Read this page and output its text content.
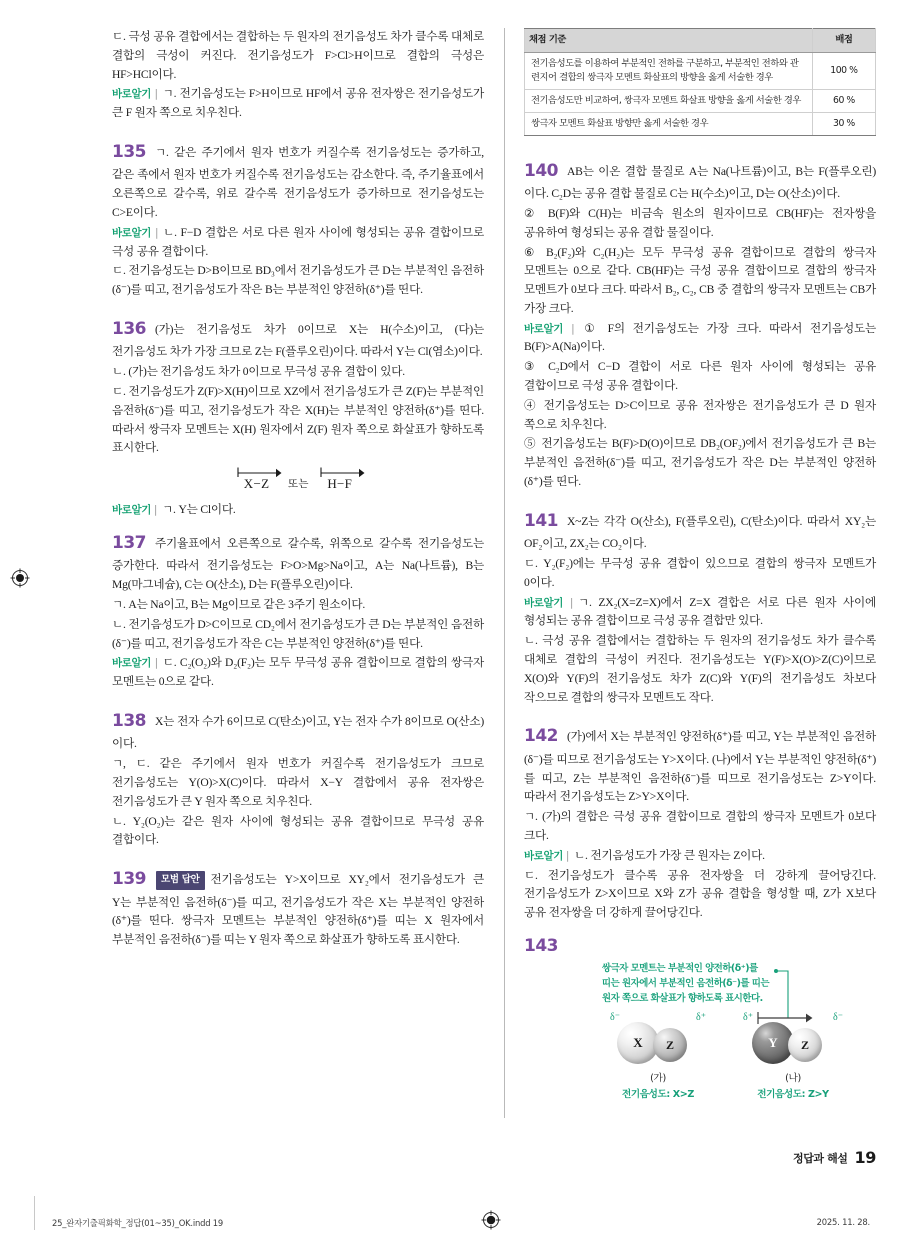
ㄷ. 극성 공유 결합에서는 결합하는 두 원자의 전기음성도 차가 클수록 대체로 결합의 극성이 커진다. 전기음성도가 F>Cl>H이므로 결합의 극성은 HF>HCl이다.

바로알기 | ㄱ. 전기음성도는 F>H이므로 HF에서 공유 전자쌍은 전기음성도가 큰 F 원자 쪽으로 치우친다.

135 ㄱ. 같은 주기에서 원자 번호가 커질수록 전기음성도는 증가하고, 같은 족에서 원자 번호가 커질수록 전기음성도는 감소한다. 즉, 주기율표에서 오른쪽으로 갈수록, 위로 갈수록 전기음성도가 증가하므로 전기음성도는 C>E이다.

바로알기 | ㄴ. F−D 결합은 서로 다른 원자 사이에 형성되는 공유 결합이므로 극성 공유 결합이다.

ㄷ. 전기음성도는 D>B이므로 BD₃에서 전기음성도가 큰 D는 부분적인 음전하(δ⁻)를 띠고, 전기음성도가 작은 B는 부분적인 양전하(δ⁺)를 띤다.

136 (가)는 전기음성도 차가 0이므로 X는 H(수소)이고, (다)는 전기음성도 차가 가장 크므로 Z는 F(플루오린)이다. 따라서 Y는 Cl(염소)이다.

ㄴ. (가)는 전기음성도 차가 0이므로 무극성 공유 결합이 있다.

ㄷ. 전기음성도가 Z(F)>X(H)이므로 XZ에서 전기음성도가 큰 Z(F)는 부분적인 음전하(δ⁻)를 띠고, 전기음성도가 작은 X(H)는 부분적인 양전하(δ⁺)를 띤다. 따라서 쌍극자 모멘트는 X(H) 원자에서 Z(F) 원자 쪽으로 화살표가 향하도록 표시한다.

X−Z 또는 H−F

바로알기 | ㄱ. Y는 Cl이다.

137 주기율표에서 오른쪽으로 갈수록, 위쪽으로 갈수록 전기음성도는 증가한다. 따라서 전기음성도는 F>O>Mg>Na이고, A는 Na(나트륨), B는 Mg(마그네슘), C는 O(산소), D는 F(플루오린)이다.

ㄱ. A는 Na이고, B는 Mg이므로 같은 3주기 원소이다.

ㄴ. 전기음성도가 D>C이므로 CD₂에서 전기음성도가 큰 D는 부분적인 음전하(δ⁻)를 띠고, 전기음성도가 작은 C는 부분적인 양전하(δ⁺)를 띤다.

바로알기 | ㄷ. C₂(O₂)와 D₂(F₂)는 모두 무극성 공유 결합이므로 결합의 쌍극자 모멘트는 0으로 같다.

138 X는 전자 수가 6이므로 C(탄소)이고, Y는 전자 수가 8이므로 O(산소)이다.

ㄱ, ㄷ. 같은 주기에서 원자 번호가 커질수록 전기음성도가 크므로 전기음성도는 Y(O)>X(C)이다. 따라서 X−Y 결합에서 공유 전자쌍은 전기음성도가 큰 Y 원자 쪽으로 치우친다.

ㄴ. Y₂(O₂)는 같은 원자 사이에 형성되는 공유 결합이므로 무극성 공유 결합이다.

139 모범 답안 전기음성도는 Y>X이므로 XY₂에서 전기음성도가 큰 Y는 부분적인 음전하(δ⁻)를 띠고, 전기음성도가 작은 X는 부분적인 양전하(δ⁺)를 띤다. 쌍극자 모멘트는 부분적인 양전하(δ⁺)를 띠는 X 원자에서 부분적인 음전하(δ⁻)를 띠는 Y 원자 쪽으로 화살표가 향하도록 표시한다.

채점 기준	배점
전기음성도를 이용하여 부분적인 전하를 구분하고, 부분적인 전하와 관련지어 결합의 쌍극자 모멘트 화살표의 방향을 옳게 서술한 경우	100 %
전기음성도만 비교하여, 쌍극자 모멘트 화살표 방향을 옳게 서술한 경우	60 %
쌍극자 모멘트 화살표 방향만 옳게 서술한 경우	30 %

140 AB는 이온 결합 물질로 A는 Na(나트륨)이고, B는 F(플루오린)이다. C₂D는 공유 결합 물질로 C는 H(수소)이고, D는 O(산소)이다.

② B(F)와 C(H)는 비금속 원소의 원자이므로 CB(HF)는 전자쌍을 공유하여 형성되는 공유 결합 물질이다.

⑥ B₂(F₂)와 C₂(H₂)는 모두 무극성 공유 결합이므로 결합의 쌍극자 모멘트는 0으로 같다. CB(HF)는 극성 공유 결합이므로 결합의 쌍극자 모멘트가 0보다 크다. 따라서 B₂, C₂, CB 중 결합의 쌍극자 모멘트는 CB가 가장 크다.

바로알기 | ① F의 전기음성도는 가장 크다. 따라서 전기음성도는 B(F)>A(Na)이다.

③ C₂D에서 C−D 결합이 서로 다른 원자 사이에 형성되는 공유 결합이므로 극성 공유 결합이다.

④ 전기음성도는 D>C이므로 공유 전자쌍은 전기음성도가 큰 D 원자 쪽으로 치우친다.

⑤ 전기음성도는 B(F)>D(O)이므로 DB₂(OF₂)에서 전기음성도가 큰 B는 부분적인 음전하(δ⁻)를 띠고, 전기음성도가 작은 D는 부분적인 양전하(δ⁺)를 띤다.

141 X~Z는 각각 O(산소), F(플루오린), C(탄소)이다. 따라서 XY₂는 OF₂이고, ZX₂는 CO₂이다.

ㄷ. Y₂(F₂)에는 무극성 공유 결합이 있으므로 결합의 쌍극자 모멘트가 0이다.

바로알기 | ㄱ. ZX₂(X=Z=X)에서 Z=X 결합은 서로 다른 원자 사이에 형성되는 공유 결합이므로 극성 공유 결합만 있다.

ㄴ. 극성 공유 결합에서는 결합하는 두 원자의 전기음성도 차가 클수록 대체로 결합의 극성이 커진다. 전기음성도는 Y(F)>X(O)>Z(C)이므로 X(O)와 Y(F)의 전기음성도 차가 Z(C)와 Y(F)의 전기음성도 차보다 작으므로 결합의 쌍극자 모멘트도 작다.

142 (가)에서 X는 부분적인 양전하(δ⁺)를 띠고, Y는 부분적인 음전하(δ⁻)를 띠므로 전기음성도는 Y>X이다. (나)에서 Y는 부분적인 양전하(δ⁺)를 띠고, Z는 부분적인 음전하(δ⁻)를 띠므로 전기음성도는 Z>Y이다. 따라서 전기음성도는 Z>Y>X이다.

ㄱ. (가)의 결합은 극성 공유 결합이므로 결합의 쌍극자 모멘트가 0보다 크다.

바로알기 | ㄴ. 전기음성도가 가장 큰 원자는 Z이다.

ㄷ. 전기음성도가 클수록 공유 전자쌍을 더 강하게 끌어당긴다. 전기음성도가 Z>X이므로 X와 Z가 공유 결합을 형성할 때, Z가 X보다 공유 전자쌍을 더 강하게 끌어당긴다.

143

쌍극자 모멘트는 부분적인 양전하(δ⁺)를 띠는 원자에서 부분적인 음전하(δ⁻)를 띠는 원자 쪽으로 화살표가 향하도록 표시한다.
δ⁻	δ⁺
X	Z
(가)
전기음성도: X>Z
δ⁺	δ⁻
Y	Z
(나)
전기음성도: Z>Y
정답과 해설 19
25_완자기출픽화학_정답(01~35)_OK.indd 19	2025. 11. 28.
